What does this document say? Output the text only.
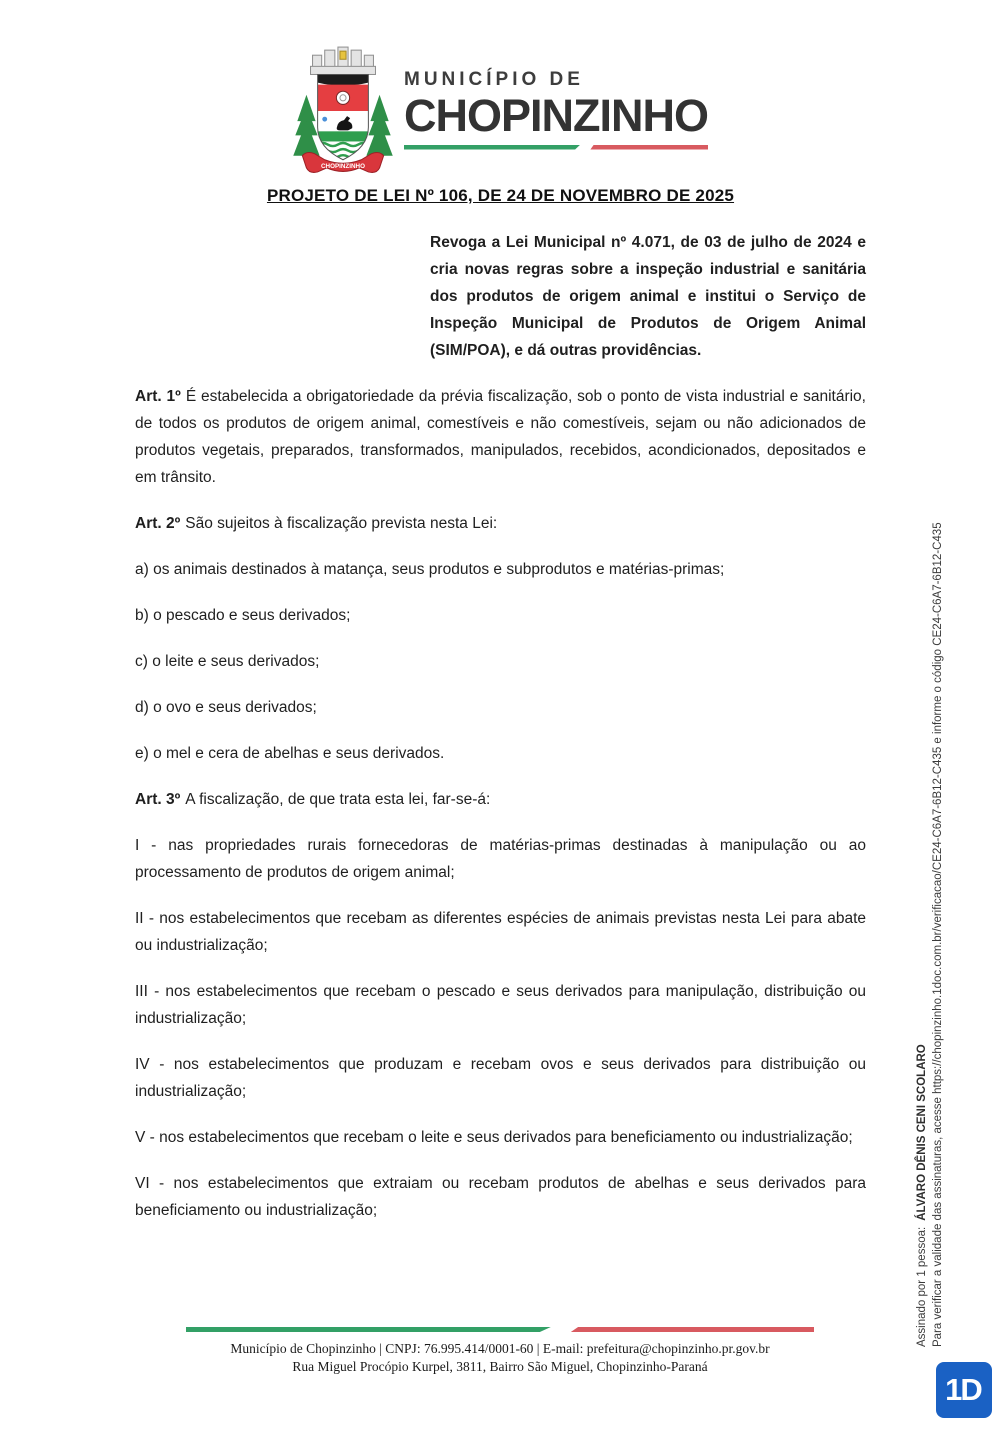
CHOPINZINHO
MUNICÍPIO DE
CHOPINZINHO
PROJETO DE LEI Nº 106, DE 24 DE NOVEMBRO DE 2025

Revoga a Lei Municipal nº 4.071, de 03 de julho de 2024 e cria novas regras sobre a inspeção industrial e sanitária dos produtos de origem animal e institui o Serviço de Inspeção Municipal de Produtos de Origem Animal (SIM/POA), e dá outras providências.

Art. 1º É estabelecida a obrigatoriedade da prévia fiscalização, sob o ponto de vista industrial e sanitário, de todos os produtos de origem animal, comestíveis e não comestíveis, sejam ou não adicionados de produtos vegetais, preparados, transformados, manipulados, recebidos, acondicionados, depositados e em trânsito.

Art. 2º São sujeitos à fiscalização prevista nesta Lei:

a) os animais destinados à matança, seus produtos e subprodutos e matérias-primas;

b) o pescado e seus derivados;

c) o leite e seus derivados;

d) o ovo e seus derivados;

e) o mel e cera de abelhas e seus derivados.

Art. 3º A fiscalização, de que trata esta lei, far-se-á:

I - nas propriedades rurais fornecedoras de matérias-primas destinadas à manipulação ou ao processamento de produtos de origem animal;

II - nos estabelecimentos que recebam as diferentes espécies de animais previstas nesta Lei para abate ou industrialização;

III - nos estabelecimentos que recebam o pescado e seus derivados para manipulação, distribuição ou industrialização;

IV - nos estabelecimentos que produzam e recebam ovos e seus derivados para distribuição ou industrialização;

V - nos estabelecimentos que recebam o leite e seus derivados para beneficiamento ou industrialização;

VI - nos estabelecimentos que extraiam ou recebam produtos de abelhas e seus derivados para beneficiamento ou industrialização;

Município de Chopinzinho | CNPJ: 76.995.414/0001-60 | E-mail: prefeitura@chopinzinho.pr.gov.br
Rua Miguel Procópio Kurpel, 3811, Bairro São Miguel, Chopinzinho-Paraná
Assinado por 1 pessoa:ÁLVARO DÊNIS CENI SCOLARO Para verificar a validade das assinaturas, acesse https://chopinzinho.1doc.com.br/verificacao/CE24-C6A7-6B12-C435 e informe o código CE24-C6A7-6B12-C435
1D
